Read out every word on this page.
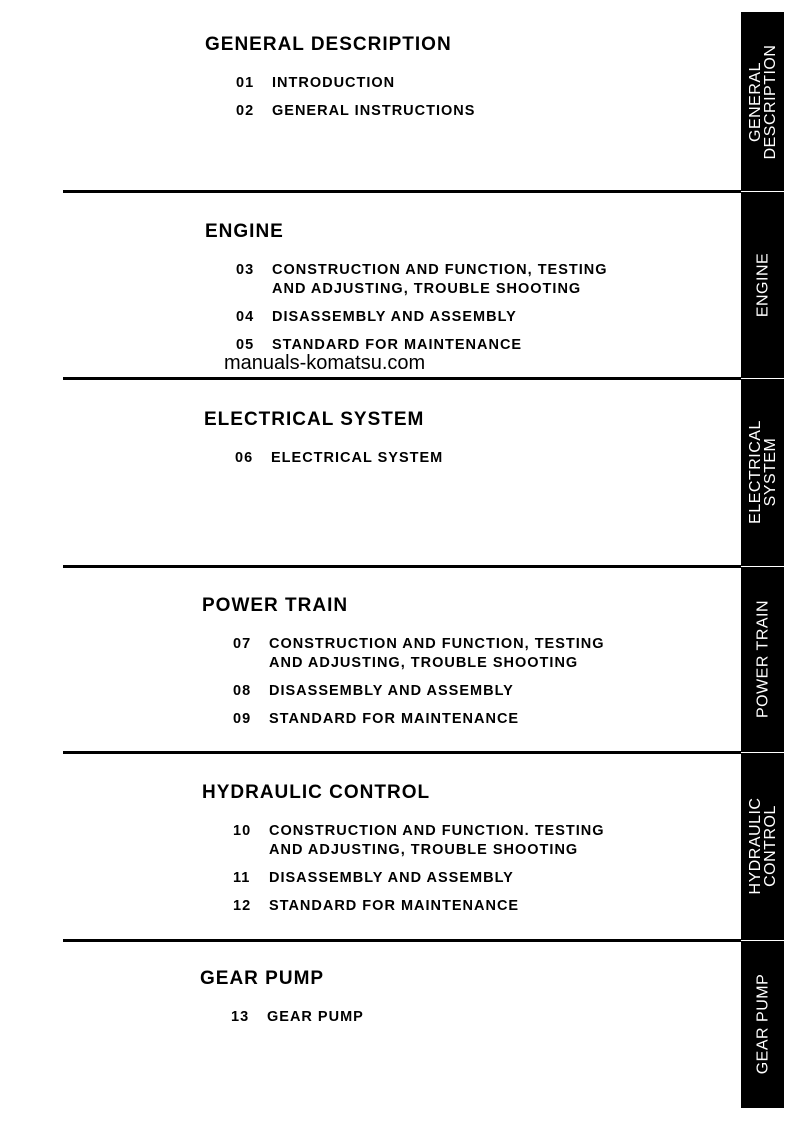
GENERAL DESCRIPTION
01 INTRODUCTION
02 GENERAL INSTRUCTIONS	GENERAL
DESCRIPTION
ENGINE
03 CONSTRUCTION AND FUNCTION, TESTING
AND ADJUSTING, TROUBLE SHOOTING
04 DISASSEMBLY AND ASSEMBLY
05 STANDARD FOR MAINTENANCE
ENGINE
ELECTRICAL SYSTEM
06 ELECTRICAL SYSTEM	ELECTRICAL
SYSTEM
POWER TRAIN
07 CONSTRUCTION AND FUNCTION, TESTING
AND ADJUSTING, TROUBLE SHOOTING
08 DISASSEMBLY AND ASSEMBLY
09 STANDARD FOR MAINTENANCE
POWER TRAIN
HYDRAULIC CONTROL
10 CONSTRUCTION AND FUNCTION. TESTING
AND ADJUSTING, TROUBLE SHOOTING
11 DISASSEMBLY AND ASSEMBLY
12 STANDARD FOR MAINTENANCE
HYDRAULIC
CONTROL
GEAR PUMP
13 GEAR PUMP	GEAR PUMP
manuals-komatsu.com
